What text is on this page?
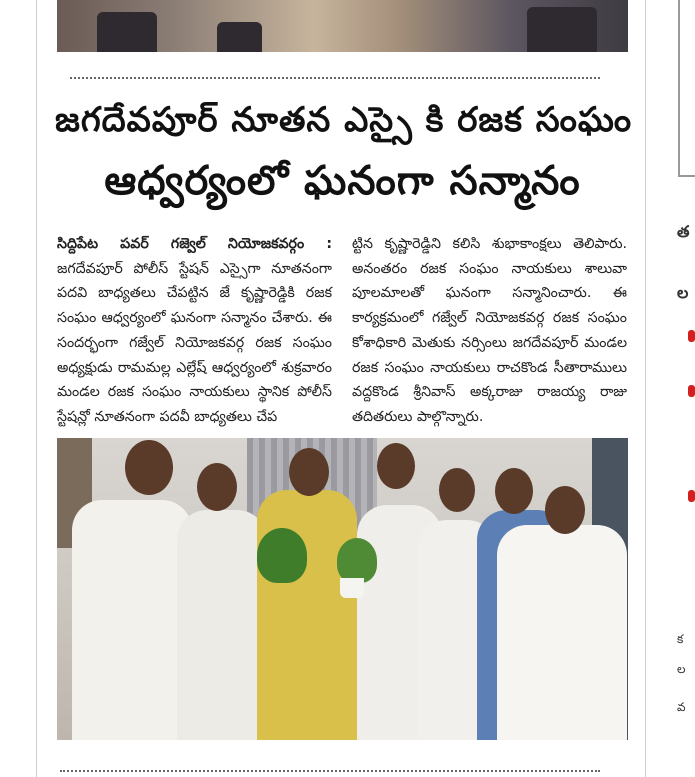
జగదేవపూర్ నూతన ఎస్సై కి రజక సంఘం
ఆధ్వర్యంలో ఘనంగా సన్మానం
సిద్దిపేట పవర్ గజ్వెల్ నియోజకవర్గం : జగదేవపూర్ పోలీస్ స్టేషన్ ఎస్సైగా నూతనంగా పదవి బాధ్యతలు చేపట్టిన జే కృష్ణారెడ్డికి రజక సంఘం ఆధ్వర్యంలో ఘనంగా సన్మానం చేశారు. ఈ సందర్భంగా గజ్వేల్ నియోజకవర్గ రజక సంఘం అధ్యక్షుడు రామమల్ల ఎల్లేష్ ఆధ్వర్యంలో శుక్రవారం మండల రజక సంఘం నాయకులు స్థానిక పోలీస్ స్టేషన్లో నూతనంగా పదవీ బాధ్యతలు చేప
ట్టిన కృష్ణారెడ్డిని కలిసి శుభాకాంక్షలు తెలిపారు. అనంతరం రజక సంఘం నాయకులు శాలువా పూలమాలతో ఘనంగా సన్మానించారు. ఈ కార్యక్రమంలో గజ్వేల్ నియోజకవర్గ రజక సంఘం కోశాధికారి మెతుకు నర్సింలు జగదేవపూర్ మండల రజక సంఘం నాయకులు రాచకొండ సీతారాములు వద్దకొండ శ్రీనివాస్ అక్కరాజు రాజయ్య రాజు తదితరులు పాల్గొన్నారు.
త
ల
క
ల
వ
